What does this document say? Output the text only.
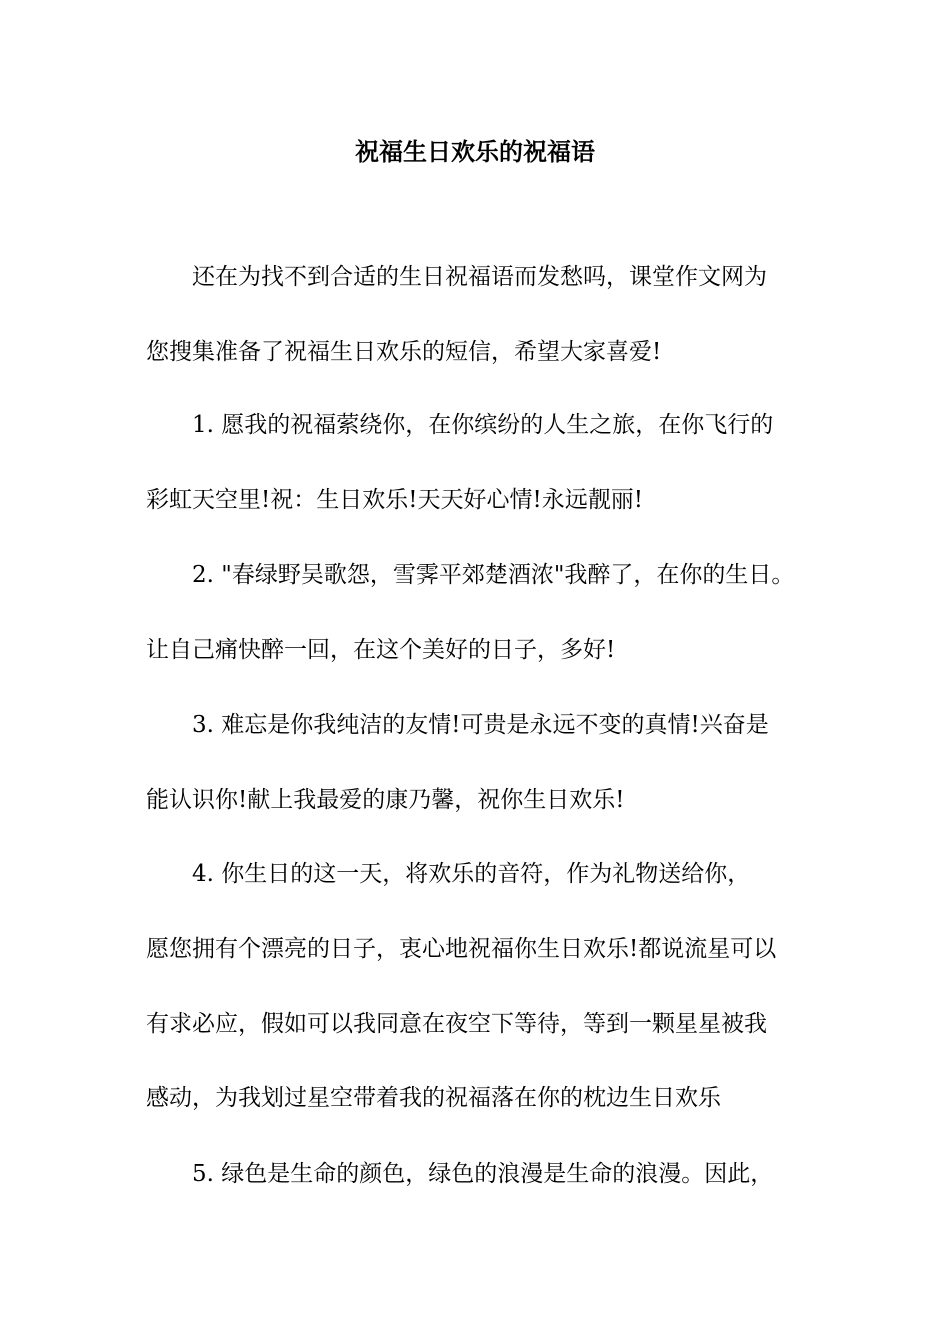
祝福生日欢乐的祝福语
还在为找不到合适的生日祝福语而发愁吗，课堂作文网为
您搜集准备了祝福生日欢乐的短信，希望大家喜爱!
1. 愿我的祝福萦绕你，在你缤纷的人生之旅，在你飞行的
彩虹天空里!祝：生日欢乐!天天好心情!永远靓丽!
2. "春绿野吴歌怨，雪霁平郊楚酒浓"我醉了，在你的生日。
让自己痛快醉一回，在这个美好的日子，多好!
3. 难忘是你我纯洁的友情!可贵是永远不变的真情!兴奋是
能认识你!献上我最爱的康乃馨，祝你生日欢乐!
4. 你生日的这一天，将欢乐的音符，作为礼物送给你，
愿您拥有个漂亮的日子，衷心地祝福你生日欢乐!都说流星可以
有求必应，假如可以我同意在夜空下等待，等到一颗星星被我
感动，为我划过星空带着我的祝福落在你的枕边生日欢乐
5. 绿色是生命的颜色，绿色的浪漫是生命的浪漫。因此，
